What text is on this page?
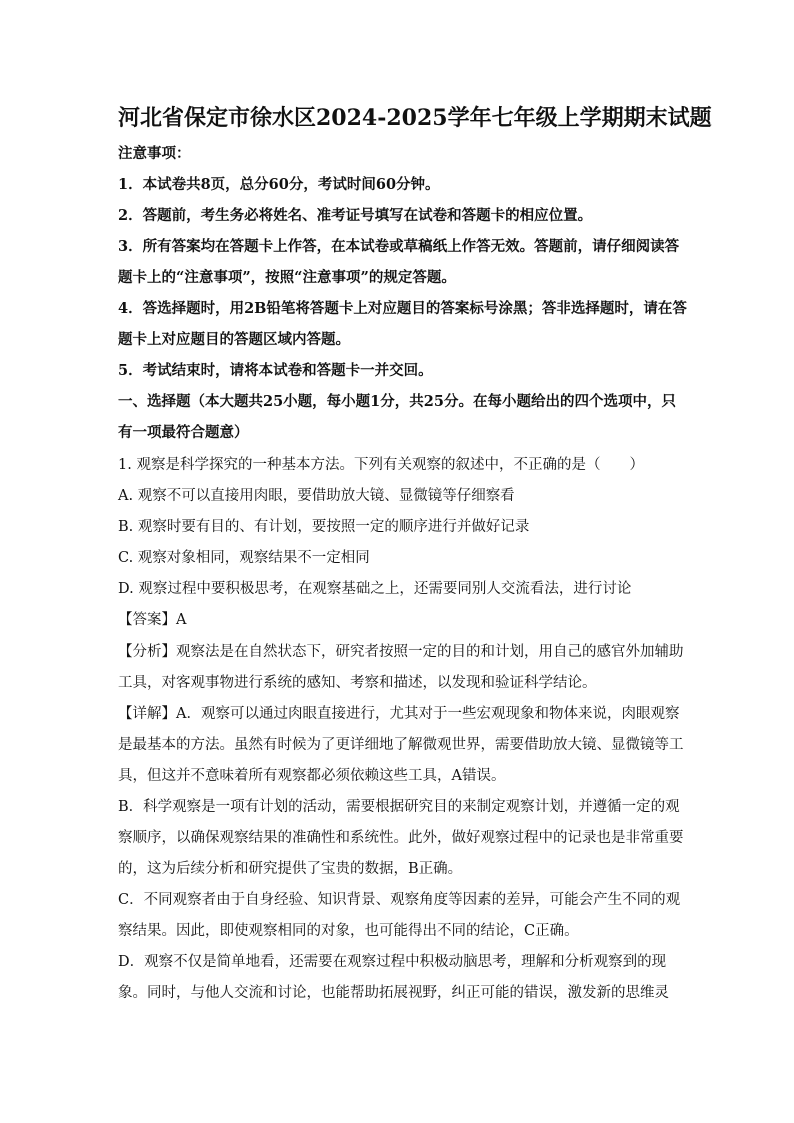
河北省保定市徐水区2024-2025学年七年级上学期期末试题
注意事项：
1．本试卷共8页，总分60分，考试时间60分钟。
2．答题前，考生务必将姓名、准考证号填写在试卷和答题卡的相应位置。
3．所有答案均在答题卡上作答，在本试卷或草稿纸上作答无效。答题前，请仔细阅读答
题卡上的“注意事项”，按照“注意事项”的规定答题。
4．答选择题时，用2B铅笔将答题卡上对应题目的答案标号涂黑；答非选择题时，请在答
题卡上对应题目的答题区域内答题。
5．考试结束时，请将本试卷和答题卡一并交回。
一、选择题（本大题共25小题，每小题1分，共25分。在每小题给出的四个选项中，只
有一项最符合题意）
1. 观察是科学探究的一种基本方法。下列有关观察的叙述中，不正确的是（　　）
A. 观察不可以直接用肉眼，要借助放大镜、显微镜等仔细察看
B. 观察时要有目的、有计划，要按照一定的顺序进行并做好记录
C. 观察对象相同，观察结果不一定相同
D. 观察过程中要积极思考，在观察基础之上，还需要同别人交流看法，进行讨论
【答案】A
【分析】观察法是在自然状态下，研究者按照一定的目的和计划，用自己的感官外加辅助
工具，对客观事物进行系统的感知、考察和描述，以发现和验证科学结论。
【详解】A．观察可以通过肉眼直接进行，尤其对于一些宏观现象和物体来说，肉眼观察
是最基本的方法。虽然有时候为了更详细地了解微观世界，需要借助放大镜、显微镜等工
具，但这并不意味着所有观察都必须依赖这些工具，A错误。
B．科学观察是一项有计划的活动，需要根据研究目的来制定观察计划，并遵循一定的观
察顺序，以确保观察结果的准确性和系统性。此外，做好观察过程中的记录也是非常重要
的，这为后续分析和研究提供了宝贵的数据，B正确。
C．不同观察者由于自身经验、知识背景、观察角度等因素的差异，可能会产生不同的观
察结果。因此，即使观察相同的对象，也可能得出不同的结论，C正确。
D．观察不仅是简单地看，还需要在观察过程中积极动脑思考，理解和分析观察到的现
象。同时，与他人交流和讨论，也能帮助拓展视野，纠正可能的错误，激发新的思维灵
